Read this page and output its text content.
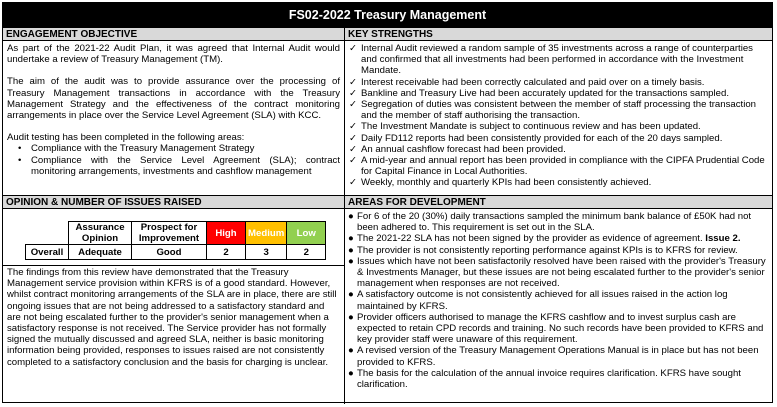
FS02-2022 Treasury Management
ENGAGEMENT OBJECTIVE

As part of the 2021-22 Audit Plan, it was agreed that Internal Audit would undertake a review of Treasury Management (TM).

The aim of the audit was to provide assurance over the processing of Treasury Management transactions in accordance with the Treasury Management Strategy and the effectiveness of the contract monitoring arrangements in place over the Service Level Agreement (SLA) with KCC.

Audit testing has been completed in the following areas:

• Compliance with the Treasury Management Strategy
• Compliance with the Service Level Agreement (SLA); contract monitoring arrangements, investments and cashflow management
KEY STRENGTHS
✓ Internal Audit reviewed a random sample of 35 investments across a range of counterparties and confirmed that all investments had been performed in accordance with the Investment Mandate.
✓ Interest receivable had been correctly calculated and paid over on a timely basis.
✓ Bankline and Treasury Live had been accurately updated for the transactions sampled.
✓ Segregation of duties was consistent between the member of staff processing the transaction and the member of staff authorising the transaction.
✓ The Investment Mandate is subject to continuous review and has been updated.
✓ Daily FD112 reports had been consistently provided for each of the 20 days sampled.
✓ An annual cashflow forecast had been provided.
✓ A mid-year and annual report has been provided in compliance with the CIPFA Prudential Code for Capital Finance in Local Authorities.
✓ Weekly, monthly and quarterly KPIs had been consistently achieved.
OPINION & NUMBER OF ISSUES RAISED
	Assurance Opinion	Prospect for Improvement	High	Medium	Low
Overall	Adequate	Good	2	3	2
The findings from this review have demonstrated that the Treasury Management service provision within KFRS is of a good standard. However, whilst contract monitoring arrangements of the SLA are in place, there are still ongoing issues that are not being addressed to a satisfactory standard and are not being escalated further to the provider's senior management when a satisfactory response is not received. The Service provider has not formally signed the mutually discussed and agreed SLA, neither is basic monitoring information being provided, responses to issues raised are not consistently completed to a satisfactory conclusion and the basis for charging is unclear.
AREAS FOR DEVELOPMENT
● For 6 of the 20 (30%) daily transactions sampled the minimum bank balance of £50K had not been adhered to. This requirement is set out in the SLA.
● The 2021-22 SLA has not been signed by the provider as evidence of agreement. Issue 2.
● The provider is not consistently reporting performance against KPIs is to KFRS for review.
● Issues which have not been satisfactorily resolved have been raised with the provider's Treasury & Investments Manager, but these issues are not being escalated further to the provider's senior management when responses are not received.
● A satisfactory outcome is not consistently achieved for all issues raised in the action log maintained by KFRS.
● Provider officers authorised to manage the KFRS cashflow and to invest surplus cash are expected to retain CPD records and training. No such records have been provided to KFRS and key provider staff were unaware of this requirement.
● A revised version of the Treasury Management Operations Manual is in place but has not been provided to KFRS.
● The basis for the calculation of the annual invoice requires clarification. KFRS have sought clarification.
